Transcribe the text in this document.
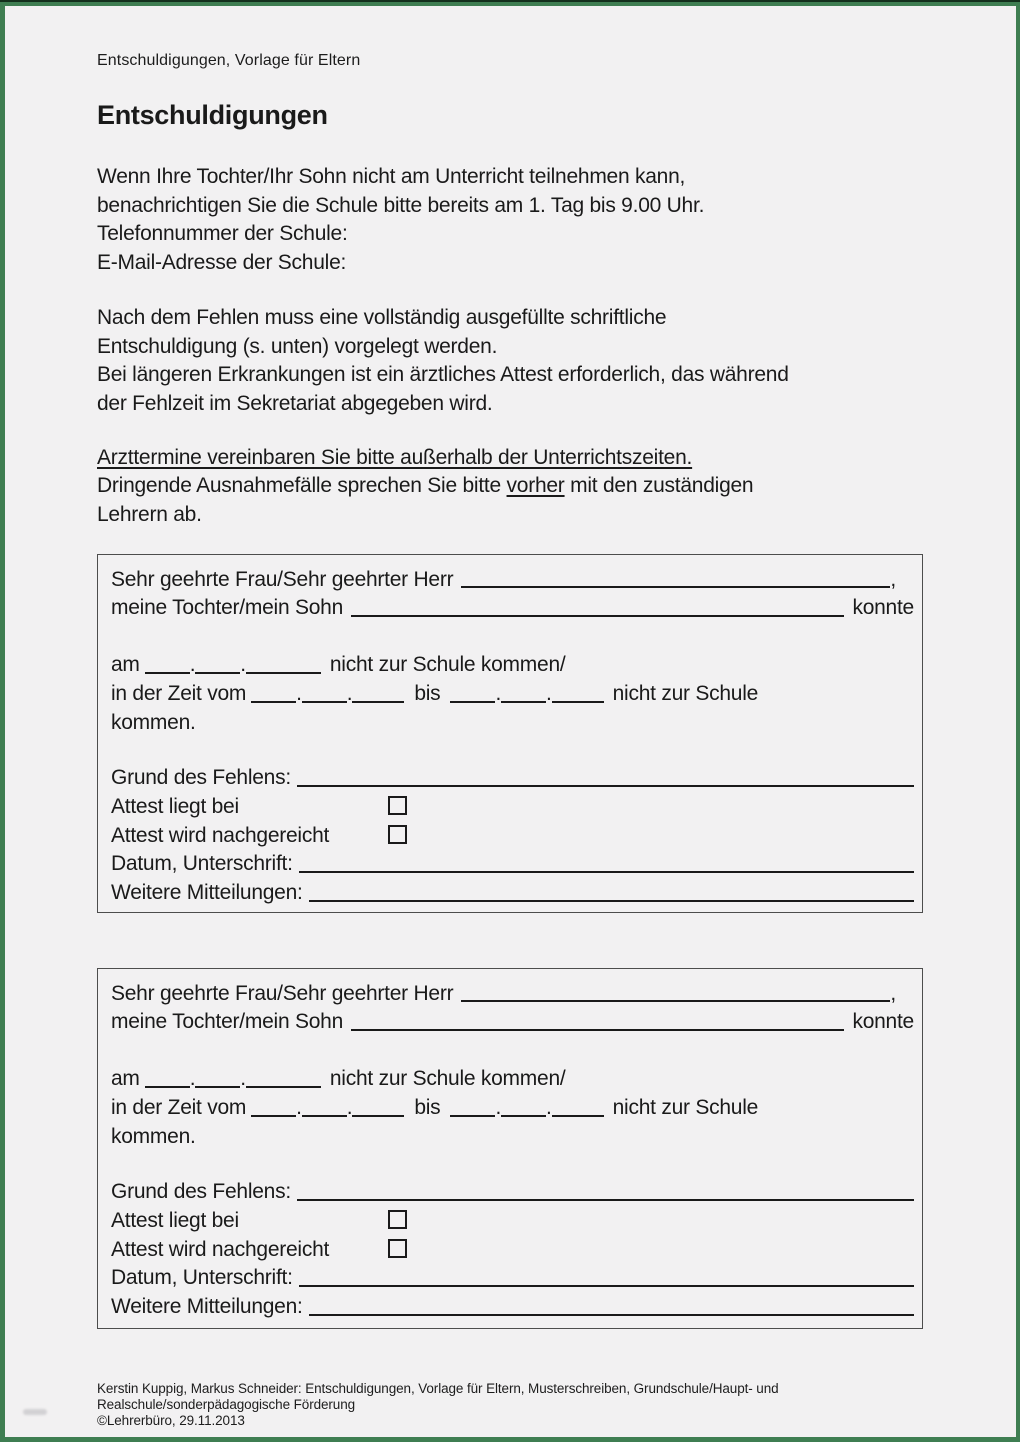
Entschuldigungen, Vorlage für Eltern
Entschuldigungen
Wenn Ihre Tochter/Ihr Sohn nicht am Unterricht teilnehmen kann,
benachrichtigen Sie die Schule bitte bereits am 1. Tag bis 9.00 Uhr.
Telefonnummer der Schule:
E-Mail-Adresse der Schule:
Nach dem Fehlen muss eine vollständig ausgefüllte schriftliche
Entschuldigung (s. unten) vorgelegt werden.
Bei längeren Erkrankungen ist ein ärztliches Attest erforderlich, das während
der Fehlzeit im Sekretariat abgegeben wird.
Arzttermine vereinbaren Sie bitte außerhalb der Unterrichtszeiten.
Dringende Ausnahmefälle sprechen Sie bitte vorher mit den zuständigen
Lehrern ab.
Sehr geehrte Frau/Sehr geehrter Herr	,
meine Tochter/mein Sohn	konnte
am . .	nicht zur Schule kommen/
in der Zeit vom . .	bis	. .	nicht zur Schule
kommen.
Grund des Fehlens:
Attest liegt bei
Attest wird nachgereicht
Datum, Unterschrift:
Weitere Mitteilungen:
Sehr geehrte Frau/Sehr geehrter Herr	,
meine Tochter/mein Sohn	konnte
am . .	nicht zur Schule kommen/
in der Zeit vom . .	bis	. .	nicht zur Schule
kommen.
Grund des Fehlens:
Attest liegt bei
Attest wird nachgereicht
Datum, Unterschrift:
Weitere Mitteilungen:
Kerstin Kuppig, Markus Schneider: Entschuldigungen, Vorlage für Eltern, Musterschreiben, Grundschule/Haupt- und
Realschule/sonderpädagogische Förderung
©Lehrerbüro, 29.11.2013
